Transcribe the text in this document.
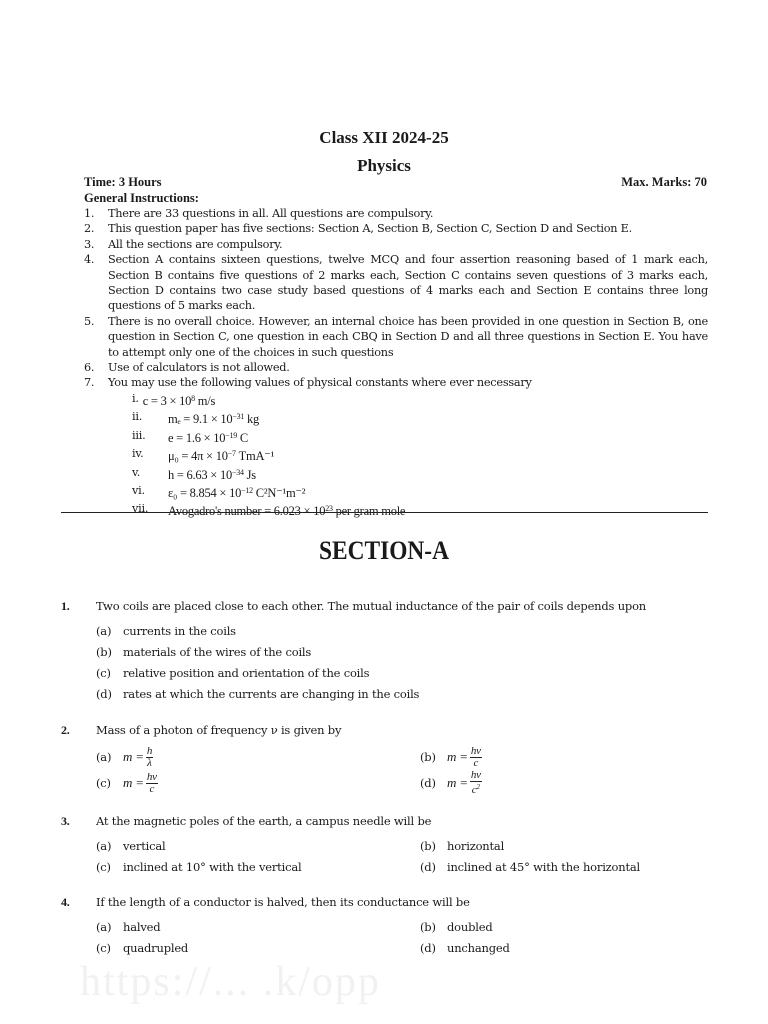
Class XII 2024-25
Physics
Time: 3 Hours	Max. Marks: 70
General Instructions:
1.	There are 33 questions in all. All questions are compulsory.
2.	This question paper has five sections: Section A, Section B, Section C, Section D and Section E.
3.	All the sections are compulsory.
4.	Section A contains sixteen questions, twelve MCQ and four assertion reasoning based of 1 mark each, Section B contains five questions of 2 marks each, Section C contains seven questions of 3 marks each, Section D contains two case study based questions of 4 marks each and Section E contains three long questions of 5 marks each.
5.	There is no overall choice. However, an internal choice has been provided in one question in Section B, one question in Section C, one question in each CBQ in Section D and all three questions in Section E. You have to attempt only one of the choices in such questions
6.	Use of calculators is not allowed.
7.	You may use the following values of physical constants where ever necessary
i. $c = 3 \times 10^8$ m/s
ii.	$m_e = 9.1 \times 10^{-31}$ kg
iii.	$e = 1.6 \times 10^{-19}$ C
iv.	$\mu_0 = 4\pi \times 10^{-7}$ TmA⁻¹
v.	$h = 6.63 \times 10^{-34}$ Js
vi.	$\varepsilon_0 = 8.854 \times 10^{-12}$ C²N⁻¹m⁻²
vii.	Avogadro's number = $6.023 \times 10^{23}$ per gram mole
SECTION-A
1.	Two coils are placed close to each other. The mutual inductance of the pair of coils depends upon
(a)	currents in the coils
(b) materials of the wires of the coils
(c)	relative position and orientation of the coils
(d) rates at which the currents are changing in the coils
2.	Mass of a photon of frequency ν is given by
(a) $m = \frac{h}{\lambda}$	(b) $m = \frac{h\nu}{c}$
(c) $m = \frac{h\nu}{c}$	(d) $m = \frac{h\nu}{c^2}$
3.	At the magnetic poles of the earth, a campus needle will be
(a)	vertical	(b) horizontal
(c)	inclined at 10° with the vertical	(d) inclined at 45° with the horizontal
4.	If the length of a conductor is halved, then its conductance will be
(a)	halved	(b) doubled
(c)	quadrupled	(d) unchanged
https://... .k/opp
